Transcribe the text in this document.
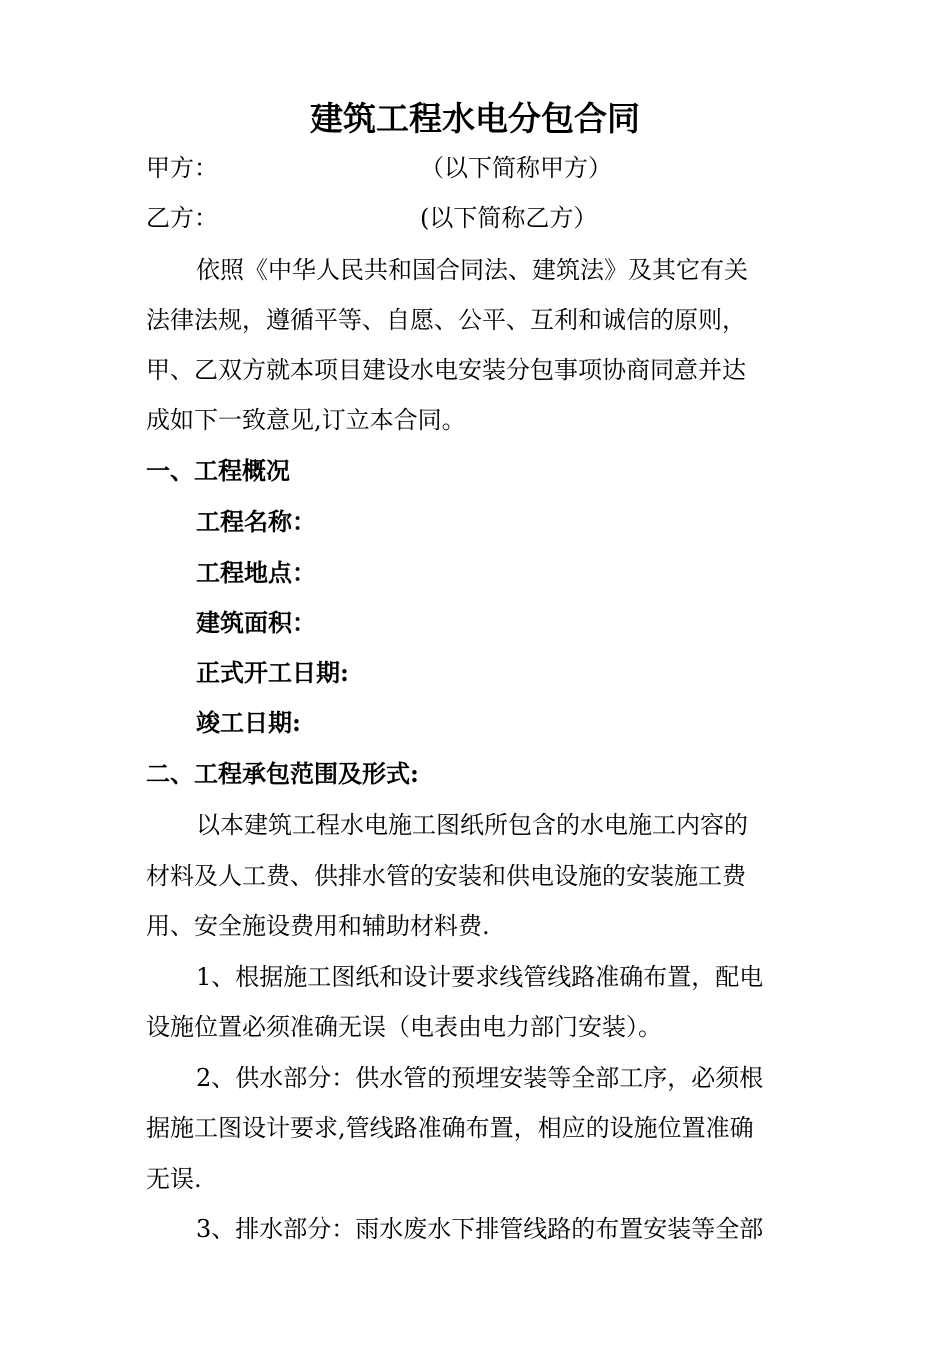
建筑工程水电分包合同
甲方：	（以下简称甲方）
乙方：	(以下简称乙方）
依照《中华人民共和国合同法、建筑法》及其它有关
法律法规，遵循平等、自愿、公平、互利和诚信的原则，
甲、乙双方就本项目建设水电安装分包事项协商同意并达
成如下一致意见,订立本合同。
一、工程概况
工程名称：
工程地点：
建筑面积：
正式开工日期:
竣工日期:
二、工程承包范围及形式:
以本建筑工程水电施工图纸所包含的水电施工内容的
材料及人工费、供排水管的安装和供电设施的安装施工费
用、安全施设费用和辅助材料费.
1、根据施工图纸和设计要求线管线路准确布置，配电
设施位置必须准确无误（电表由电力部门安装）。
2、供水部分：供水管的预埋安装等全部工序，必须根
据施工图设计要求,管线路准确布置，相应的设施位置准确
无误.
3、排水部分：雨水废水下排管线路的布置安装等全部
